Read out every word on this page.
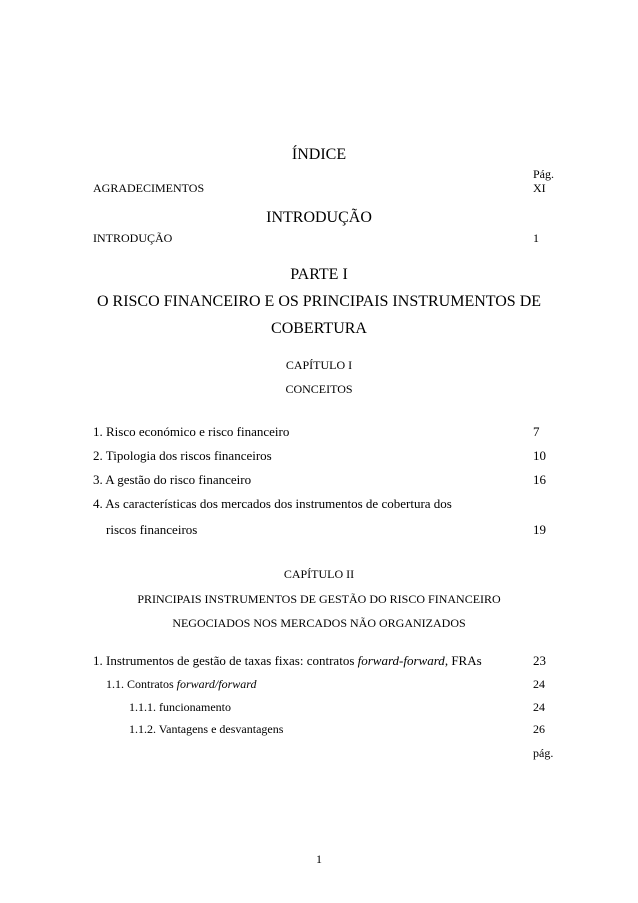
ÍNDICE
Pág.
AGRADECIMENTOS	XI
INTRODUÇÃO
INTRODUÇÃO	1
PARTE I
O RISCO FINANCEIRO E OS PRINCIPAIS INSTRUMENTOS DE
COBERTURA
CAPÍTULO I
CONCEITOS
1. Risco económico e risco financeiro	7
2. Tipologia dos riscos financeiros	10
3. A gestão do risco financeiro	16
4. As características dos mercados dos instrumentos de cobertura dos
riscos financeiros	19
CAPÍTULO II
PRINCIPAIS INSTRUMENTOS DE GESTÃO DO RISCO FINANCEIRO
NEGOCIADOS NOS MERCADOS NÃO ORGANIZADOS
1. Instrumentos de gestão de taxas fixas: contratos forward-forward, FRAs	23
1.1. Contratos forward/forward	24
1.1.1. funcionamento	24
1.1.2. Vantagens e desvantagens	26
pág.
1
